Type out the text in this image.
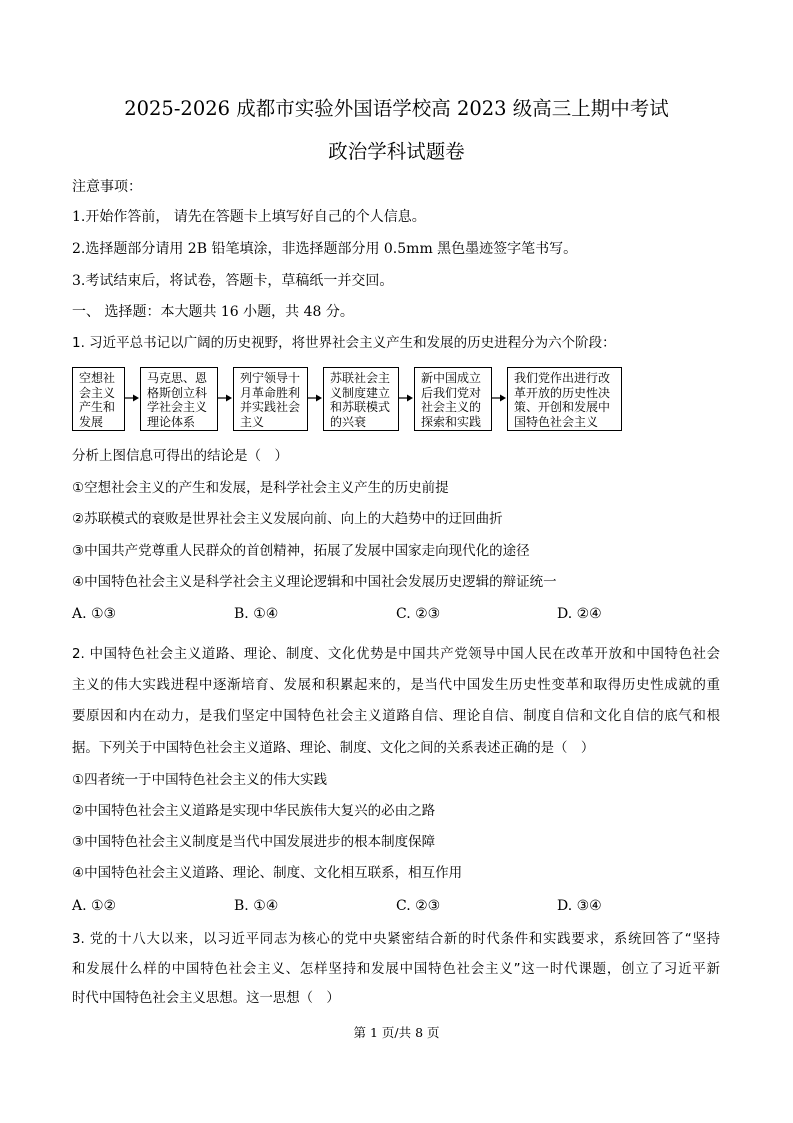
2025-2026 成都市实验外国语学校高 2023 级高三上期中考试
政治学科试题卷
注意事项：
1.开始作答前， 请先在答题卡上填写好自己的个人信息。
2.选择题部分请用 2B 铅笔填涂，非选择题部分用 0.5mm 黑色墨迹签字笔书写。
3.考试结束后，将试卷，答题卡，草稿纸一并交回。
一、 选择题：本大题共 16 小题，共 48 分。
1. 习近平总书记以广阔的历史视野，将世界社会主义产生和发展的历史进程分为六个阶段：
空想社
会主义
产生和
发展
马克思、恩
格斯创立科
学社会主义
理论体系
列宁领导十
月革命胜利
并实践社会
主义
苏联社会主
义制度建立
和苏联模式
的兴衰
新中国成立
后我们党对
社会主义的
探索和实践
我们党作出进行改
革开放的历史性决
策、开创和发展中
国特色社会主义
分析上图信息可得出的结论是（　）
①空想社会主义的产生和发展，是科学社会主义产生的历史前提
②苏联模式的衰败是世界社会主义发展向前、向上的大趋势中的迂回曲折
③中国共产党尊重人民群众的首创精神，拓展了发展中国家走向现代化的途径
④中国特色社会主义是科学社会主义理论逻辑和中国社会发展历史逻辑的辩证统一
A. ①③	B. ①④	C. ②③	D. ②④
2. 中国特色社会主义道路、理论、制度、文化优势是中国共产党领导中国人民在改革开放和中国特色社会
主义的伟大实践进程中逐渐培育、发展和积累起来的，是当代中国发生历史性变革和取得历史性成就的重
要原因和内在动力，是我们坚定中国特色社会主义道路自信、理论自信、制度自信和文化自信的底气和根
据。下列关于中国特色社会主义道路、理论、制度、文化之间的关系表述正确的是（　）
①四者统一于中国特色社会主义的伟大实践
②中国特色社会主义道路是实现中华民族伟大复兴的必由之路
③中国特色社会主义制度是当代中国发展进步的根本制度保障
④中国特色社会主义道路、理论、制度、文化相互联系，相互作用
A. ①②	B. ①④	C. ②③	D. ③④
3. 党的十八大以来，以习近平同志为核心的党中央紧密结合新的时代条件和实践要求，系统回答了“坚持
和发展什么样的中国特色社会主义、怎样坚持和发展中国特色社会主义”这一时代课题，创立了习近平新
时代中国特色社会主义思想。这一思想（　）
第 1 页/共 8 页
